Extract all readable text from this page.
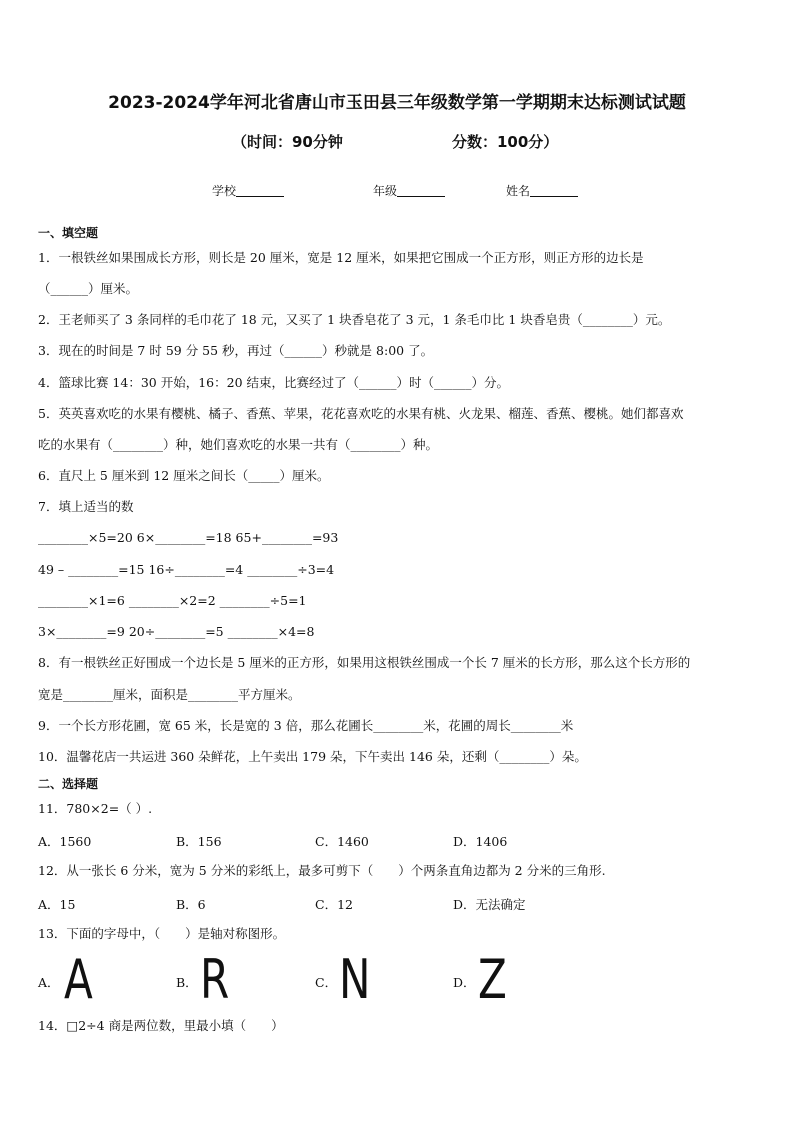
2023-2024学年河北省唐山市玉田县三年级数学第一学期期末达标测试试题
（时间：90分钟	分数：100分）
学校	年级	姓名
一、填空题
1．一根铁丝如果围成长方形，则长是 20 厘米，宽是 12 厘米，如果把它围成一个正方形，则正方形的边长是
（______）厘米。
2．王老师买了 3 条同样的毛巾花了 18 元，又买了 1 块香皂花了 3 元，1 条毛巾比 1 块香皂贵（________）元。
3．现在的时间是 7 时 59 分 55 秒，再过（______）秒就是 8:00 了。
4．篮球比赛 14：30 开始，16：20 结束，比赛经过了（______）时（______）分。
5．英英喜欢吃的水果有樱桃、橘子、香蕉、苹果，花花喜欢吃的水果有桃、火龙果、榴莲、香蕉、樱桃。她们都喜欢
吃的水果有（________）种，她们喜欢吃的水果一共有（________）种。
6．直尺上 5 厘米到 12 厘米之间长（_____）厘米。
7．填上适当的数
________×5=20 6×________=18 65+________=93
49 – ________=15 16÷________=4 ________÷3=4
________×1=6 ________×2=2 ________÷5=1
3×________=9 20÷________=5 ________×4=8
8．有一根铁丝正好围成一个边长是 5 厘米的正方形，如果用这根铁丝围成一个长 7 厘米的长方形，那么这个长方形的
宽是________厘米，面积是________平方厘米。
9．一个长方形花圃，宽 65 米，长是宽的 3 倍，那么花圃长________米，花圃的周长________米
10．温馨花店一共运进 360 朵鲜花，上午卖出 179 朵，下午卖出 146 朵，还剩（________）朵。
二、选择题
11．780×2=（ ）.
A．1560	B．156	C．1460	D．1406
12．从一张长 6 分米，宽为 5 分米的彩纸上，最多可剪下（　　）个两条直角边都为 2 分米的三角形.
A．15	B．6	C．12	D．无法确定
13．下面的字母中，（　　）是轴对称图形。
A． A	B． R	C． N	D． Z
14．□2÷4 商是两位数，里最小填（　　）
